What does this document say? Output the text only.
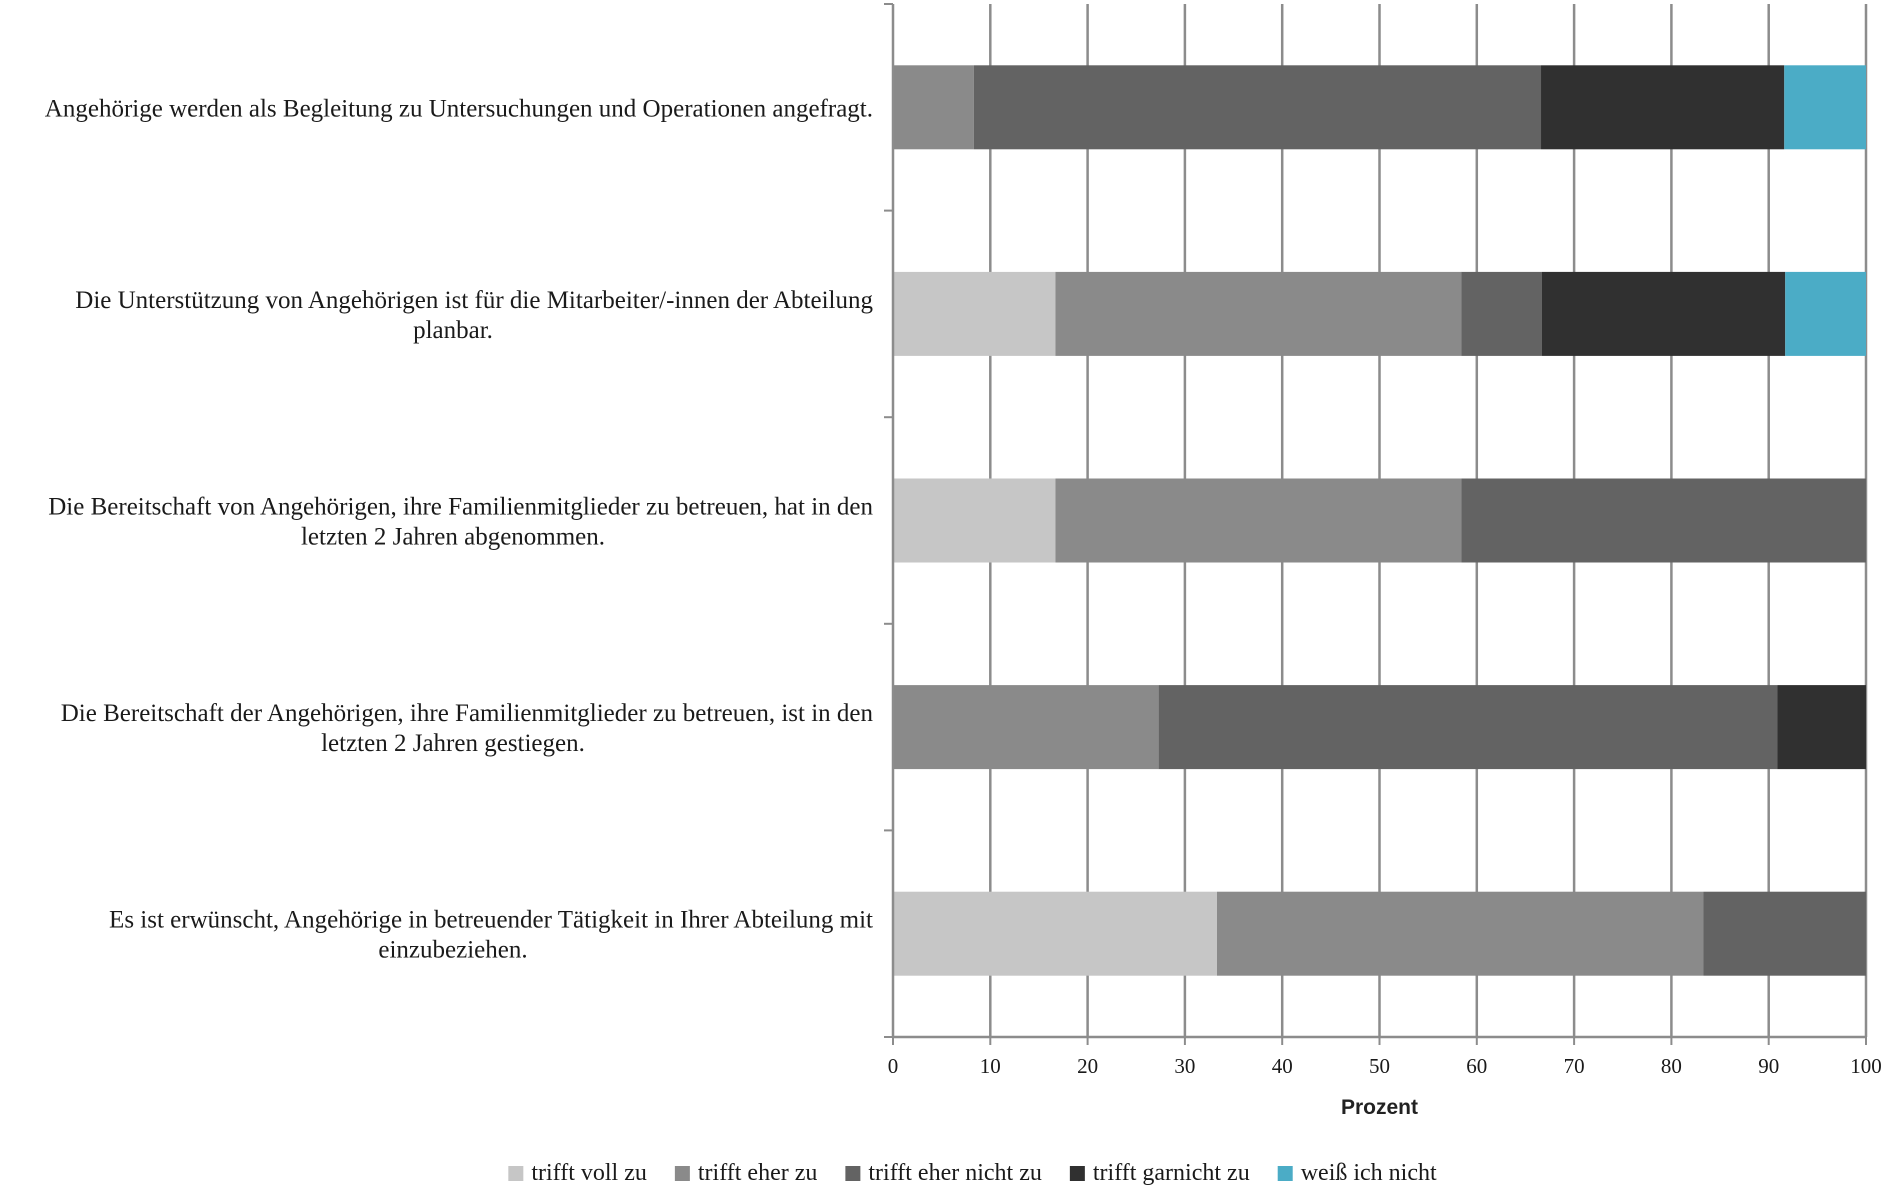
Angehörige werden als Begleitung zu Untersuchungen und Operationen angefragt.
Die Unterstützung von Angehörigen ist für die Mitarbeiter/-innen der Abteilung
planbar.
Die Bereitschaft von Angehörigen, ihre Familienmitglieder zu betreuen, hat in den
letzten 2 Jahren abgenommen.
Die Bereitschaft der Angehörigen, ihre Familienmitglieder zu betreuen, ist in den
letzten 2 Jahren gestiegen.
Es ist erwünscht, Angehörige in betreuender Tätigkeit in Ihrer Abteilung mit
einzubeziehen.
0	10	20	30	40	50	60	70	80	90	100
Prozent
trifft voll zu trifft eher zu trifft eher nicht zu trifft garnicht zu weiß ich nicht
